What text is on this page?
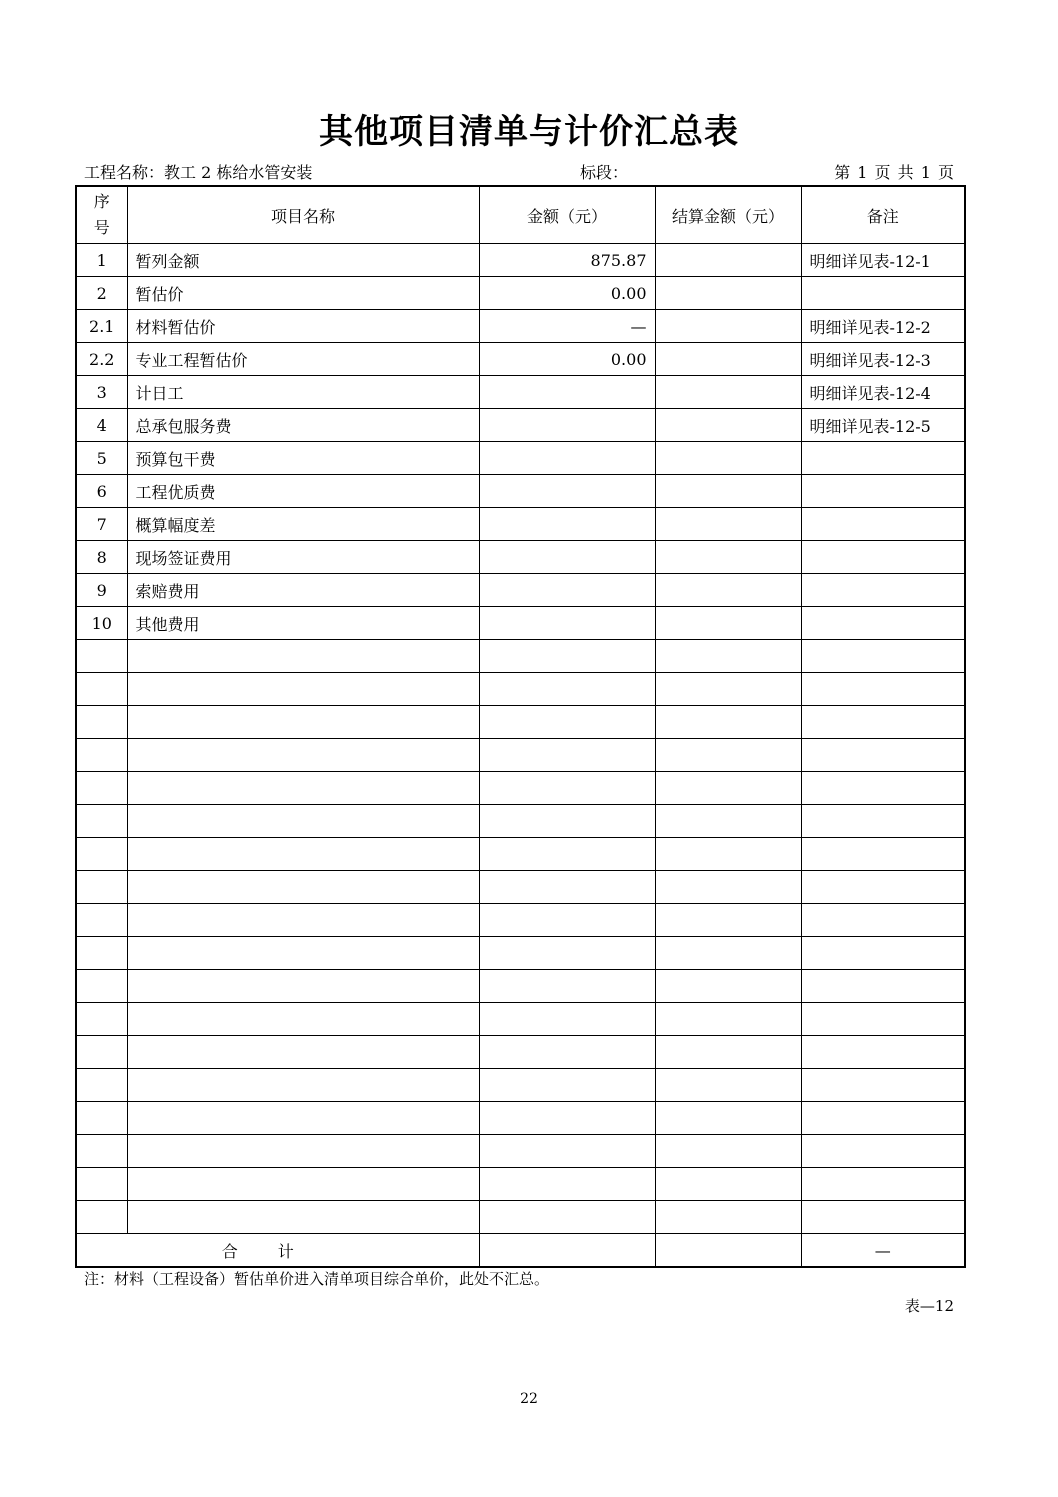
其他项目清单与计价汇总表
工程名称：教工 2 栋给水管安装	标段：	第 1 页 共 1 页
序
号	项目名称	金额（元）	结算金额（元）	备注
1	暂列金额	875.87		明细详见表-12-1
2	暂估价	0.00		
2.1	材料暂估价	—		明细详见表-12-2
2.2	专业工程暂估价	0.00		明细详见表-12-3
3	计日工			明细详见表-12-4
4	总承包服务费			明细详见表-12-5
5	预算包干费			
6	工程优质费			
7	概算幅度差			
8	现场签证费用			
9	索赔费用			
10	其他费用			

合计				—
注：材料（工程设备）暂估单价进入清单项目综合单价，此处不汇总。
表—12
22
